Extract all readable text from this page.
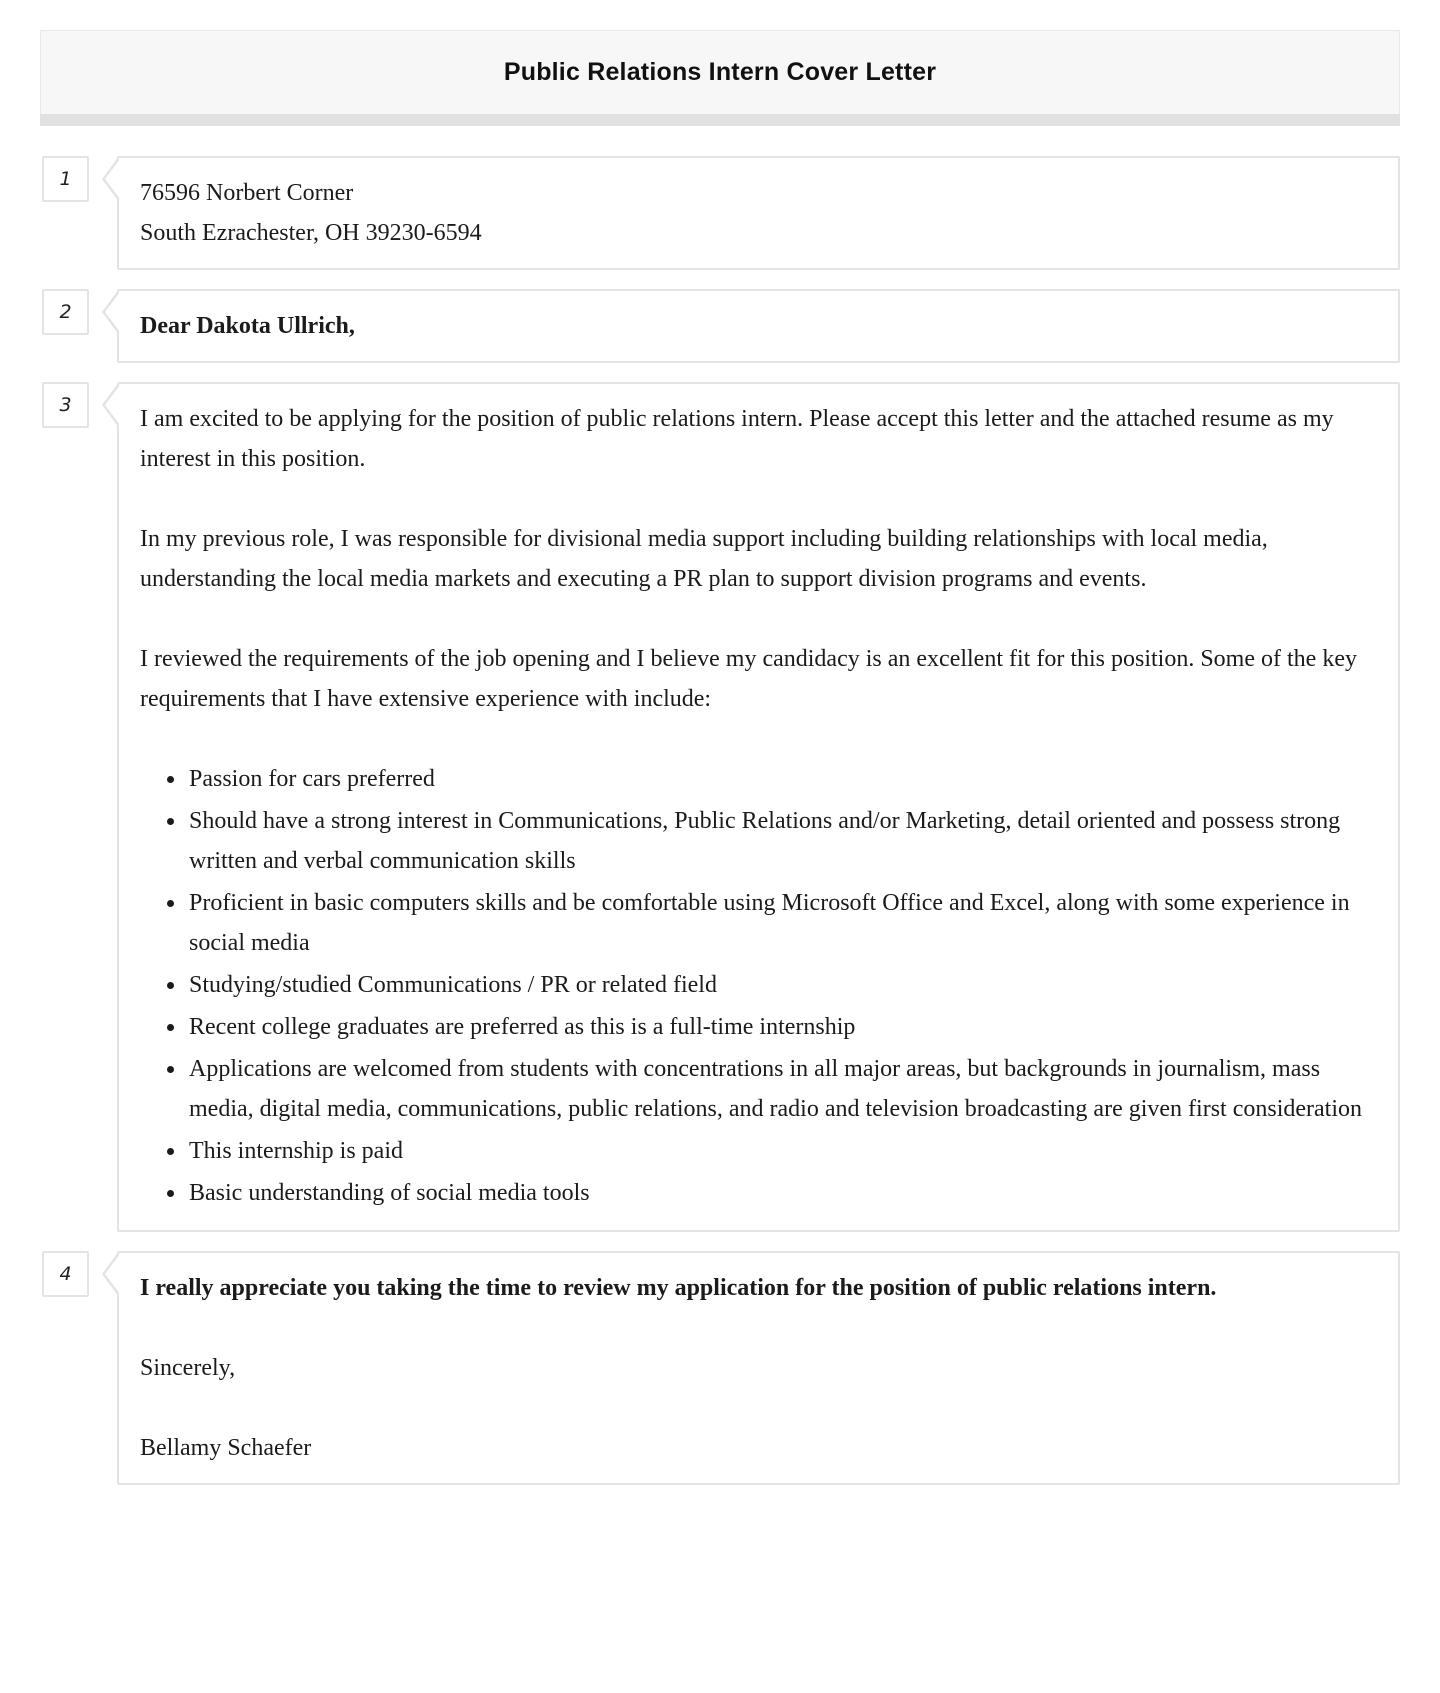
Public Relations Intern Cover Letter
1
76596 Norbert Corner
South Ezrachester, OH 39230-6594
2
Dear Dakota Ullrich,
3

I am excited to be applying for the position of public relations intern. Please accept this letter and the attached resume as my interest in this position.

In my previous role, I was responsible for divisional media support including building relationships with local media, understanding the local media markets and executing a PR plan to support division programs and events.

I reviewed the requirements of the job opening and I believe my candidacy is an excellent fit for this position. Some of the key requirements that I have extensive experience with include:

• Passion for cars preferred
• Should have a strong interest in Communications, Public Relations and/or Marketing, detail oriented and possess strong written and verbal communication skills
• Proficient in basic computers skills and be comfortable using Microsoft Office and Excel, along with some experience in social media
• Studying/studied Communications / PR or related field
• Recent college graduates are preferred as this is a full-time internship
• Applications are welcomed from students with concentrations in all major areas, but backgrounds in journalism, mass media, digital media, communications, public relations, and radio and television broadcasting are given first consideration
• This internship is paid
• Basic understanding of social media tools
4

I really appreciate you taking the time to review my application for the position of public relations intern.

Sincerely,

Bellamy Schaefer
